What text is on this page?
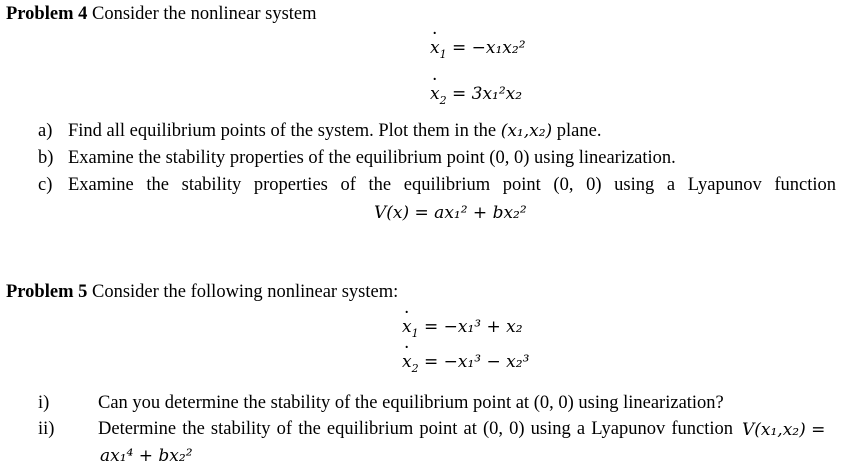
Problem 4 Consider the nonlinear system
· $x_1 = -x_1x_2^2$
· $x_2 = 3x_1^2x_2$
a) Find all equilibrium points of the system. Plot them in the (x₁,x₂) plane.
b) Examine the stability properties of the equilibrium point (0, 0) using linearization.
c) Examine the stability properties of the equilibrium point (0, 0) using a Lyapunov function
V(x) = ax₁² + bx₂²
Problem 5 Consider the following nonlinear system:
· $x_1 = -x_1^3 + x_2$
· $x_2 = -x_1^3 - x_2^3$
i)	Can you determine the stability of the equilibrium point at (0, 0) using linearization?
ii) Determine the stability of the equilibrium point at (0, 0) using a Lyapunov function V(x₁,x₂) =
ax₁⁴ + bx₂²
